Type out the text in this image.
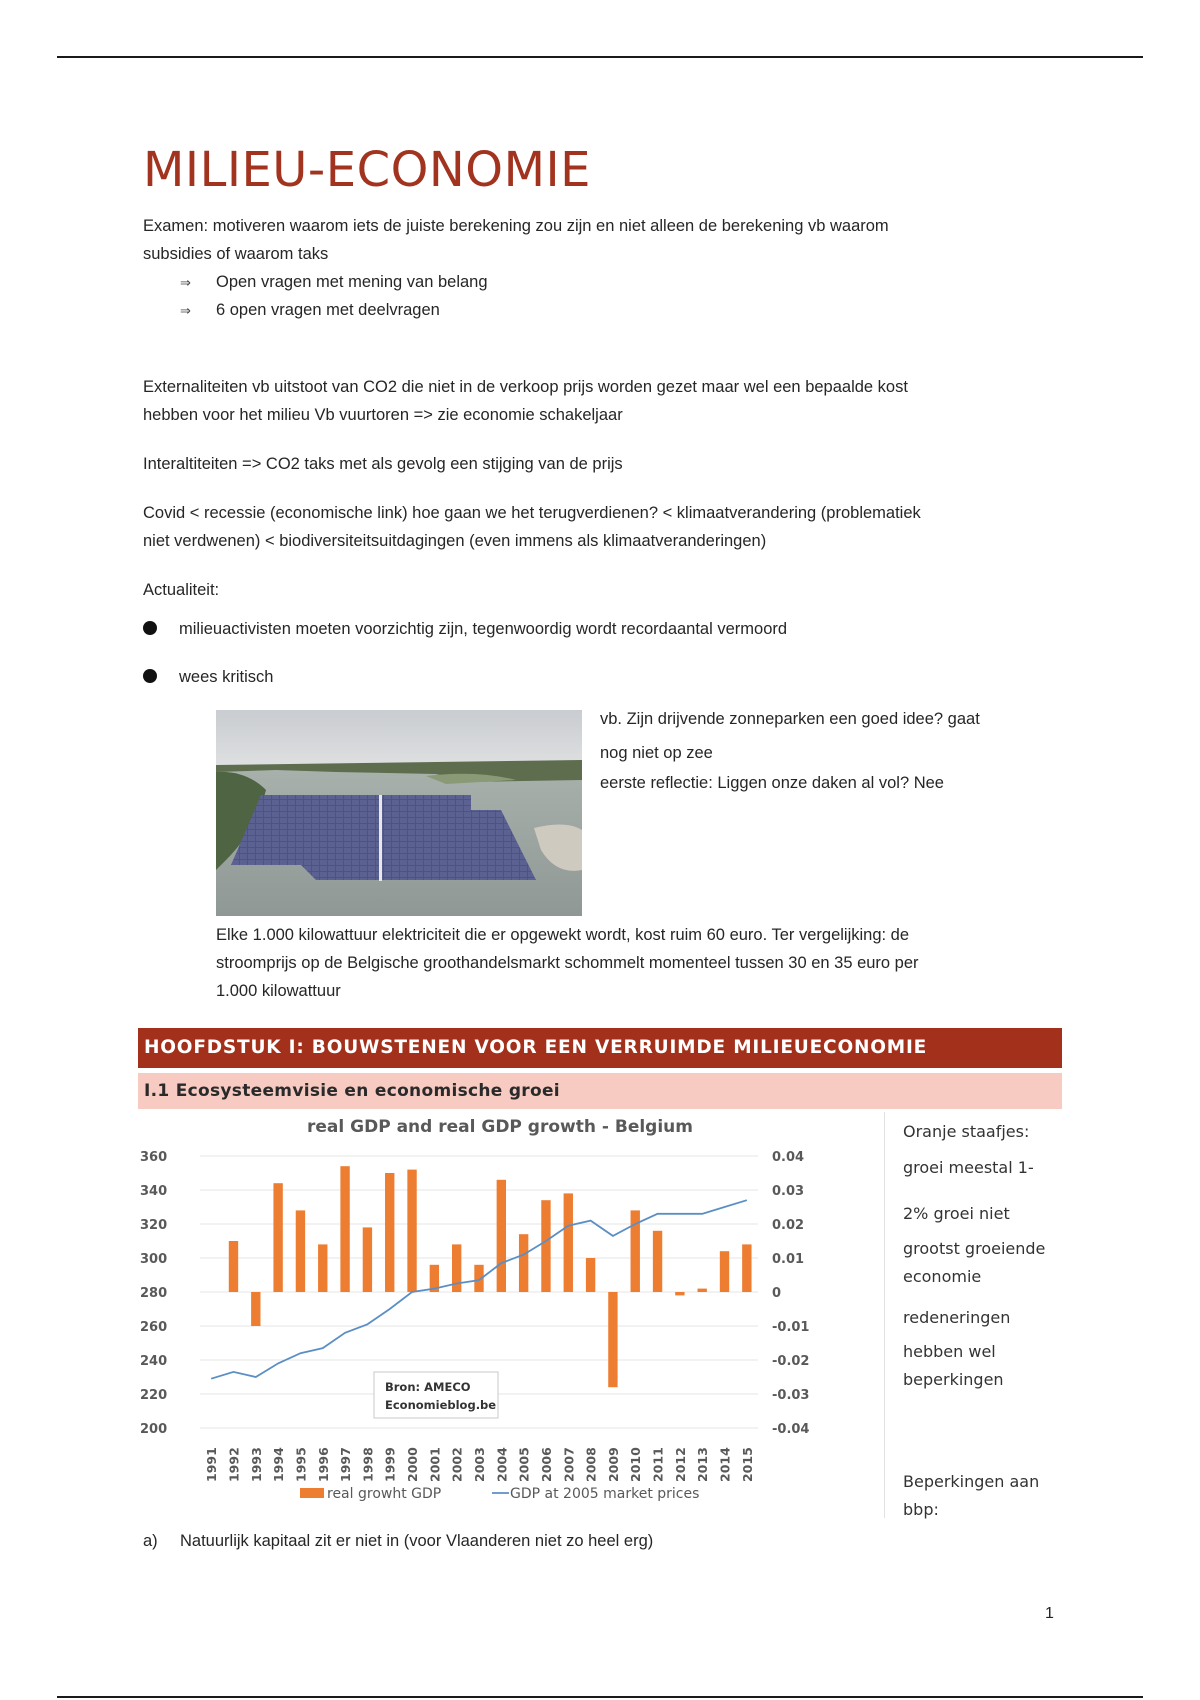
MILIEU-ECONOMIE

Examen: motiveren waarom iets de juiste berekening zou zijn en niet alleen de berekening vb waarom

subsidies of waarom taks

⇒ Open vragen met mening van belang
⇒ 6 open vragen met deelvragen

Externaliteiten vb uitstoot van CO2 die niet in de verkoop prijs worden gezet maar wel een bepaalde kost

hebben voor het milieu Vb vuurtoren => zie economie schakeljaar

Interaltiteiten => CO2 taks met als gevolg een stijging van de prijs

Covid < recessie (economische link) hoe gaan we het terugverdienen? < klimaatverandering (problematiek

niet verdwenen) < biodiversiteitsuitdagingen (even immens als klimaatveranderingen)

Actualiteit:

milieuactivisten moeten voorzichtig zijn, tegenwoordig wordt recordaantal vermoord
wees kritisch
vb. Zijn drijvende zonneparken een goed idee? gaat
nog niet op zee
eerste reflectie: Liggen onze daken al vol? Nee

Elke 1.000 kilowattuur elektriciteit die er opgewekt wordt, kost ruim 60 euro. Ter vergelijking: de

stroomprijs op de Belgische groothandelsmarkt schommelt momenteel tussen 30 en 35 euro per

1.000 kilowattuur

HOOFDSTUK I: BOUWSTENEN VOOR EEN VERRUIMDE MILIEUECONOMIE
I.1 Ecosysteemvisie en economische groei
real GDP and real GDP growth - Belgium
360
340
320
300
280
260
240
220
200
0.04
0.03
0.02
0.01
0
-0.01
-0.02
-0.03
-0.04
1991 1992 1993 1994 1995 1996 1997 1998 1999 2000 2001 2002 2003 2004 2005 2006 2007 2008 2009 2010 2011 2012 2013 2014 2015
Bron: AMECO
Economieblog.be
real growht GDP	GDP at 2005 market prices
Oranje staafjes:
groei meestal 1-
2% groei niet
grootst groeiende
economie
redeneringen
hebben wel
beperkingen
Beperkingen aan
bbp:
a) Natuurlijk kapitaal zit er niet in (voor Vlaanderen niet zo heel erg)
1
